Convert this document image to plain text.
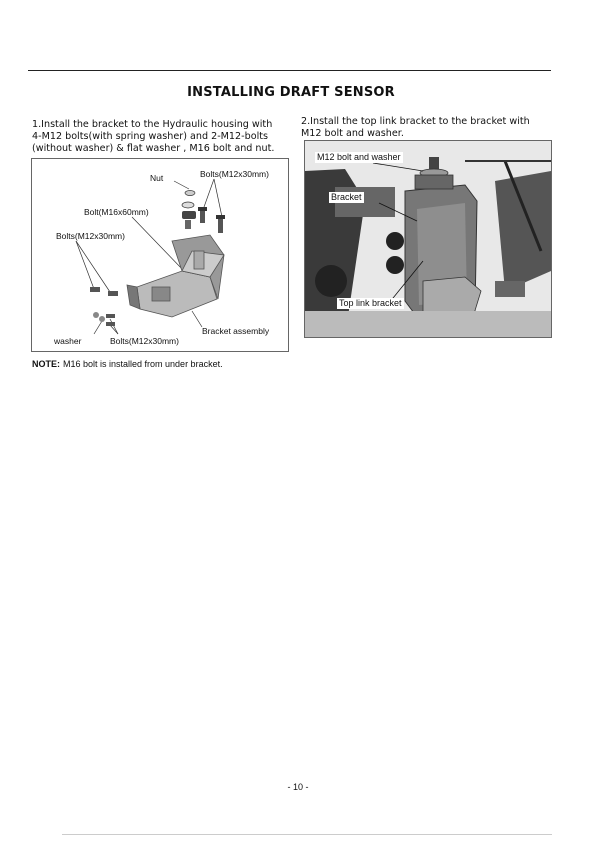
INSTALLING DRAFT SENSOR
1.Install the bracket to the Hydraulic housing with
4-M12 bolts(with spring washer) and 2-M12-bolts
(without washer) & flat washer , M16 bolt and nut.
2.Install the top link bracket to the bracket with
M12 bolt and washer.
Nut	Bolts(M12x30mm)
Bolt(M16x60mm)
Bolts(M12x30mm)
washer	Bolts(M12x30mm)
Bracket assembly
M12 bolt and washer
Bracket
Top link bracket
NOTE: M16 bolt is installed from under bracket.
- 10 -
